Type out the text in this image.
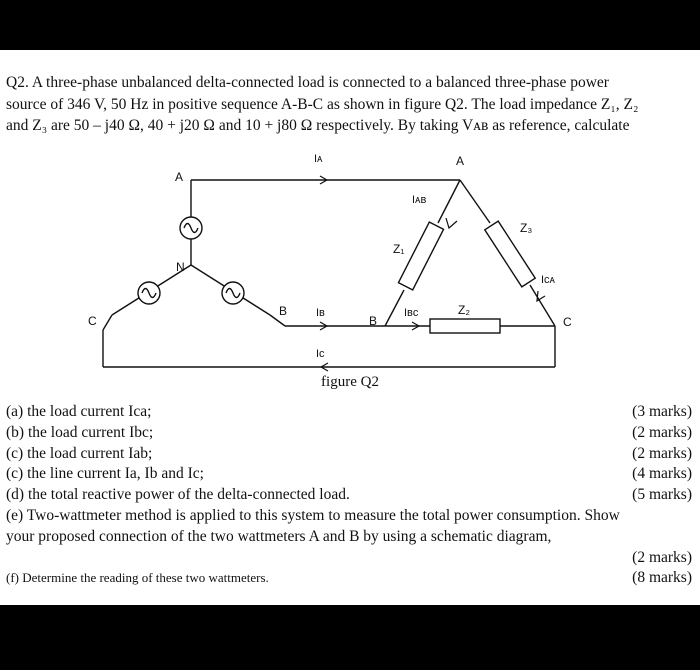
Q2. A three-phase unbalanced delta-connected load is connected to a balanced three-phase power
source of 346 V, 50 Hz in positive sequence A-B-C as shown in figure Q2. The load impedance Z₁, Z₂
and Z₃ are 50 – j40 Ω, 40 + j20 Ω and 10 + j80 Ω respectively. By taking Vᴀʙ as reference, calculate
A
N
C
B
B
A
C
Iᴀ
Iʙ
Ic
Iᴀʙ
Iʙc
Icᴀ
Z₁
Z₂
Z₃
figure Q2
(a) the load current Ica;	(3 marks)
(b) the load current Ibc;	(2 marks)
(c) the load current Iab;	(2 marks)
(c) the line current Ia, Ib and Ic;	(4 marks)
(d) the total reactive power of the delta-connected load.	(5 marks)
(e) Two-wattmeter method is applied to this system to measure the total power consumption. Show
your proposed connection of the two wattmeters A and B by using a schematic diagram,
(2 marks)
(f) Determine the reading of these two wattmeters.	(8 marks)
